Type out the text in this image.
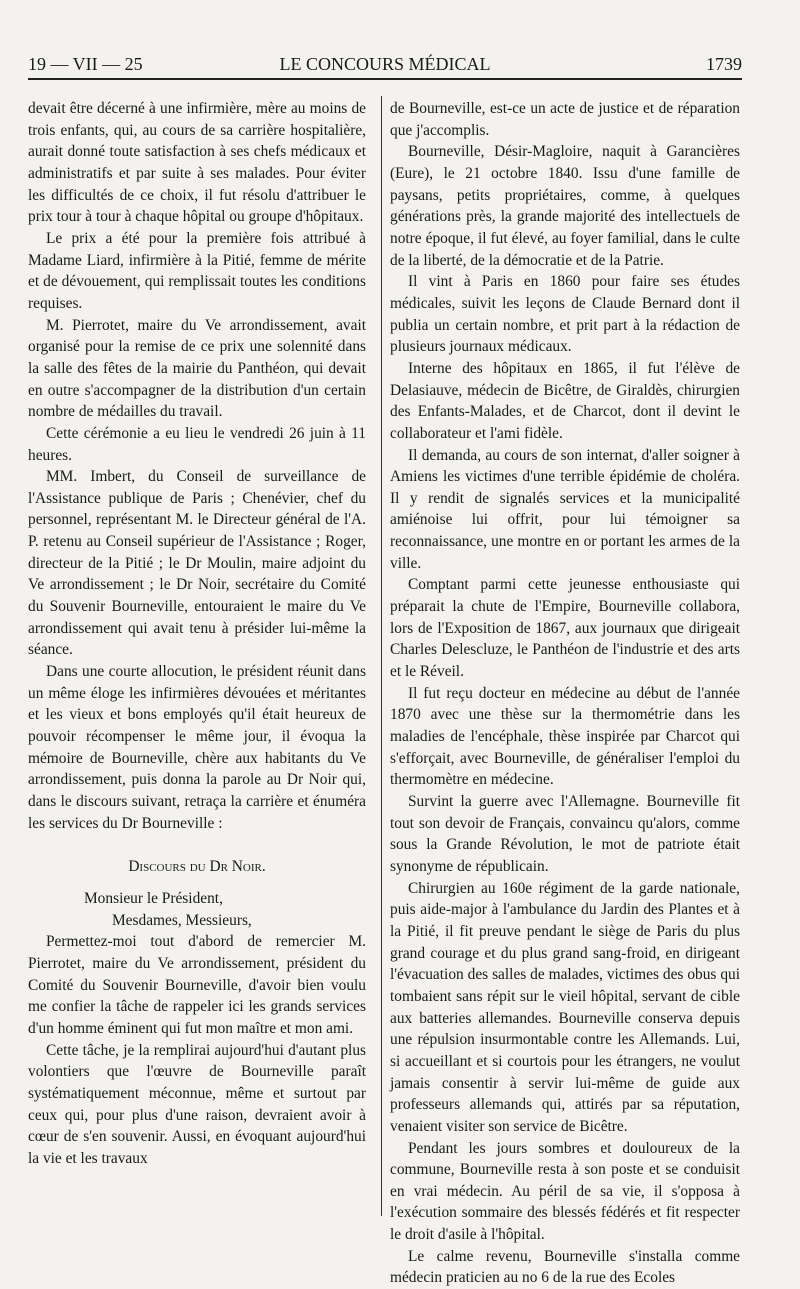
19 — VII — 25	LE CONCOURS MÉDICAL	1739

devait être décerné à une infirmière, mère au moins de trois enfants, qui, au cours de sa carrière hospitalière, aurait donné toute satisfaction à ses chefs médicaux et administratifs et par suite à ses malades. Pour éviter les difficultés de ce choix, il fut résolu d'attribuer le prix tour à tour à chaque hôpital ou groupe d'hôpitaux.

Le prix a été pour la première fois attribué à Madame Liard, infirmière à la Pitié, femme de mérite et de dévouement, qui remplissait toutes les conditions requises.

M. Pierrotet, maire du Ve arrondissement, avait organisé pour la remise de ce prix une solennité dans la salle des fêtes de la mairie du Panthéon, qui devait en outre s'accompagner de la distribution d'un certain nombre de médailles du travail.

Cette cérémonie a eu lieu le vendredi 26 juin à 11 heures.

MM. Imbert, du Conseil de surveillance de l'Assistance publique de Paris ; Chenévier, chef du personnel, représentant M. le Directeur général de l'A. P. retenu au Conseil supérieur de l'Assistance ; Roger, directeur de la Pitié ; le Dr Moulin, maire adjoint du Ve arrondissement ; le Dr Noir, secrétaire du Comité du Souvenir Bourneville, entouraient le maire du Ve arrondissement qui avait tenu à présider lui-même la séance.

Dans une courte allocution, le président réunit dans un même éloge les infirmières dévouées et méritantes et les vieux et bons employés qu'il était heureux de pouvoir récompenser le même jour, il évoqua la mémoire de Bourneville, chère aux habitants du Ve arrondissement, puis donna la parole au Dr Noir qui, dans le discours suivant, retraça la carrière et énuméra les services du Dr Bourneville :

Discours du Dr Noir.

Monsieur le Président,

Mesdames, Messieurs,

Permettez-moi tout d'abord de remercier M. Pierrotet, maire du Ve arrondissement, président du Comité du Souvenir Bourneville, d'avoir bien voulu me confier la tâche de rappeler ici les grands services d'un homme éminent qui fut mon maître et mon ami.

Cette tâche, je la remplirai aujourd'hui d'autant plus volontiers que l'œuvre de Bourneville paraît systématiquement méconnue, même et surtout par ceux qui, pour plus d'une raison, devraient avoir à cœur de s'en souvenir. Aussi, en évoquant aujourd'hui la vie et les travaux

de Bourneville, est-ce un acte de justice et de réparation que j'accomplis.

Bourneville, Désir-Magloire, naquit à Garancières (Eure), le 21 octobre 1840. Issu d'une famille de paysans, petits propriétaires, comme, à quelques générations près, la grande majorité des intellectuels de notre époque, il fut élevé, au foyer familial, dans le culte de la liberté, de la démocratie et de la Patrie.

Il vint à Paris en 1860 pour faire ses études médicales, suivit les leçons de Claude Bernard dont il publia un certain nombre, et prit part à la rédaction de plusieurs journaux médicaux.

Interne des hôpitaux en 1865, il fut l'élève de Delasiauve, médecin de Bicêtre, de Giraldès, chirurgien des Enfants-Malades, et de Charcot, dont il devint le collaborateur et l'ami fidèle.

Il demanda, au cours de son internat, d'aller soigner à Amiens les victimes d'une terrible épidémie de choléra. Il y rendit de signalés services et la municipalité amiénoise lui offrit, pour lui témoigner sa reconnaissance, une montre en or portant les armes de la ville.

Comptant parmi cette jeunesse enthousiaste qui préparait la chute de l'Empire, Bourneville collabora, lors de l'Exposition de 1867, aux journaux que dirigeait Charles Delescluze, le Panthéon de l'industrie et des arts et le Réveil.

Il fut reçu docteur en médecine au début de l'année 1870 avec une thèse sur la thermométrie dans les maladies de l'encéphale, thèse inspirée par Charcot qui s'efforçait, avec Bourneville, de généraliser l'emploi du thermomètre en médecine.

Survint la guerre avec l'Allemagne. Bourneville fit tout son devoir de Français, convaincu qu'alors, comme sous la Grande Révolution, le mot de patriote était synonyme de républicain.

Chirurgien au 160e régiment de la garde nationale, puis aide-major à l'ambulance du Jardin des Plantes et à la Pitié, il fit preuve pendant le siège de Paris du plus grand courage et du plus grand sang-froid, en dirigeant l'évacuation des salles de malades, victimes des obus qui tombaient sans répit sur le vieil hôpital, servant de cible aux batteries allemandes. Bourneville conserva depuis une répulsion insurmontable contre les Allemands. Lui, si accueillant et si courtois pour les étrangers, ne voulut jamais consentir à servir lui-même de guide aux professeurs allemands qui, attirés par sa réputation, venaient visiter son service de Bicêtre.

Pendant les jours sombres et douloureux de la commune, Bourneville resta à son poste et se conduisit en vrai médecin. Au péril de sa vie, il s'opposa à l'exécution sommaire des blessés fédérés et fit respecter le droit d'asile à l'hôpital.

Le calme revenu, Bourneville s'installa comme médecin praticien au no 6 de la rue des Ecoles
